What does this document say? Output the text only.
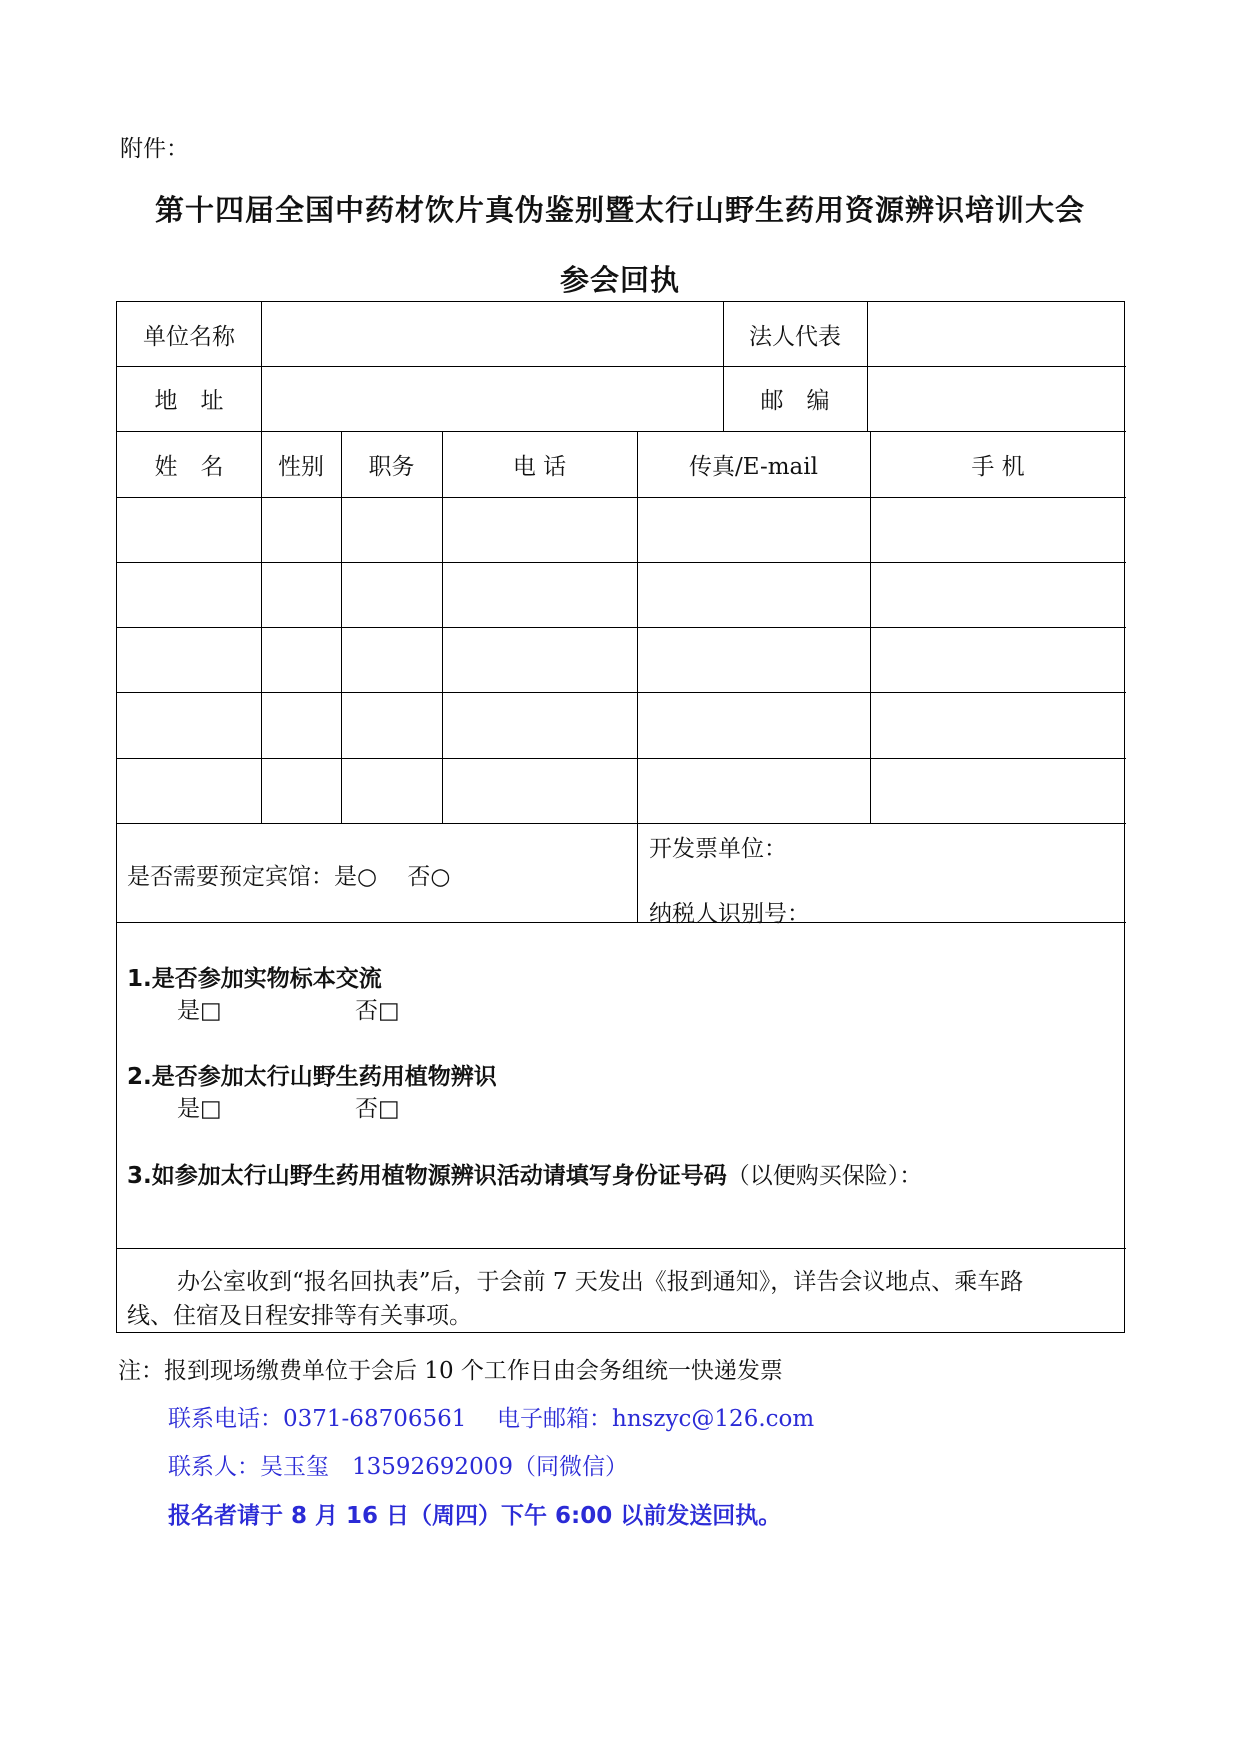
附件：
第十四届全国中药材饮片真伪鉴别暨太行山野生药用资源辨识培训大会
参会回执
单位名称	法人代表
地　址	邮　编
姓　名	性别	职务	电 话	传真/E-mail	手 机
是否需要预定宾馆：是○　 否○
开发票单位：
纳税人识别号：
1.是否参加实物标本交流
是□	否□
2.是否参加太行山野生药用植物辨识
是□	否□
3.如参加太行山野生药用植物源辨识活动请填写身份证号码（以便购买保险）：
办公室收到“报名回执表”后，于会前 7 天发出《报到通知》，详告会议地点、乘车路
线、住宿及日程安排等有关事项。
注：报到现场缴费单位于会后 10 个工作日由会务组统一快递发票
联系电话：0371-68706561 电子邮箱：hnszyc@126.com
联系人：吴玉玺　13592692009（同微信）
报名者请于 8 月 16 日（周四）下午 6:00 以前发送回执。
